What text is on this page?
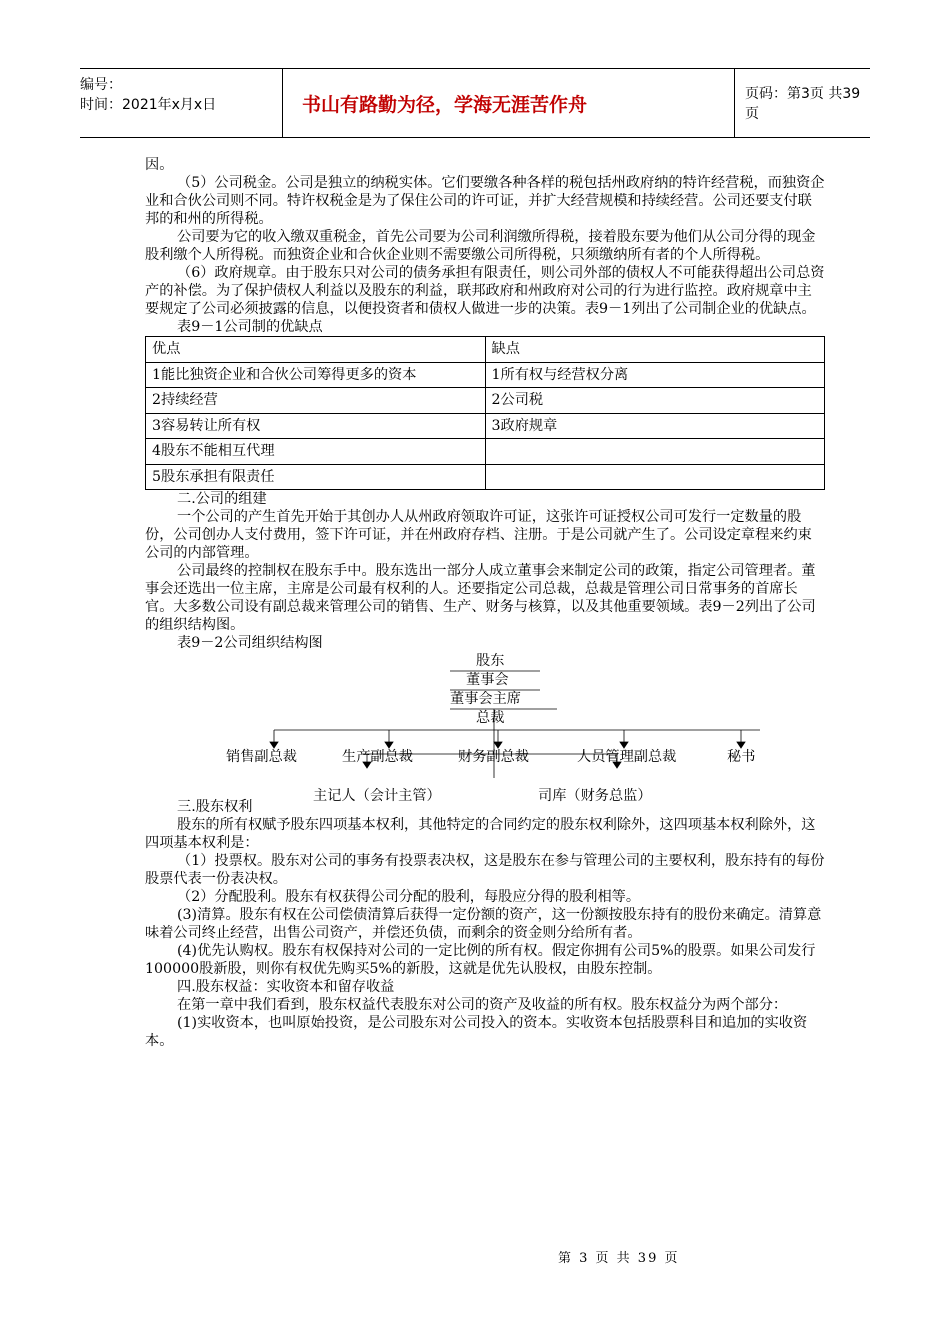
编号：
时间：2021年x月x日	书山有路勤为径，学海无涯苦作舟	页码：第3页 共39页

因。

（5）公司税金。公司是独立的纳税实体。它们要缴各种各样的税包括州政府纳的特许经营税，而独资企业和合伙公司则不同。特许权税金是为了保住公司的许可证，并扩大经营规模和持续经营。公司还要支付联邦的和州的所得税。

公司要为它的收入缴双重税金，首先公司要为公司利润缴所得税，接着股东要为他们从公司分得的现金股利缴个人所得税。而独资企业和合伙企业则不需要缴公司所得税，只须缴纳所有者的个人所得税。

（6）政府规章。由于股东只对公司的债务承担有限责任，则公司外部的债权人不可能获得超出公司总资产的补偿。为了保护债权人利益以及股东的利益，联邦政府和州政府对公司的行为进行监控。政府规章中主要规定了公司必须披露的信息，以便投资者和债权人做进一步的决策。表9－1列出了公司制企业的优缺点。

表9－1公司制的优缺点

优点	缺点
1能比独资企业和合伙公司筹得更多的资本	1所有权与经营权分离
2持续经营	2公司税
3容易转让所有权	3政府规章
4股东不能相互代理	
5股东承担有限责任	

二.公司的组建

一个公司的产生首先开始于其创办人从州政府领取许可证，这张许可证授权公司可发行一定数量的股份，公司创办人支付费用，签下许可证，并在州政府存档、注册。于是公司就产生了。公司设定章程来约束公司的内部管理。

公司最终的控制权在股东手中。股东选出一部分人成立董事会来制定公司的政策，指定公司管理者。董事会还选出一位主席，主席是公司最有权利的人。还要指定公司总裁，总裁是管理公司日常事务的首席长官。大多数公司设有副总裁来管理公司的销售、生产、财务与核算，以及其他重要领域。表9－2列出了公司的组织结构图。

表9－2公司组织结构图

股东
董事会
董事会主席
总裁
销售副总裁	生产副总裁	财务副总裁	人员管理副总裁	秘书
主记人（会计主管）	司库（财务总监）

三.股东权利

股东的所有权赋予股东四项基本权利，其他特定的合同约定的股东权利除外，这四项基本权利除外，这四项基本权利是：

（1）投票权。股东对公司的事务有投票表决权，这是股东在参与管理公司的主要权利，股东持有的每份股票代表一份表决权。

（2）分配股利。股东有权获得公司分配的股利，每股应分得的股利相等。

(3)清算。股东有权在公司偿债清算后获得一定份额的资产，这一份额按股东持有的股份来确定。清算意味着公司终止经营，出售公司资产，并偿还负债，而剩余的资金则分给所有者。

(4)优先认购权。股东有权保持对公司的一定比例的所有权。假定你拥有公司5%的股票。如果公司发行100000股新股，则你有权优先购买5%的新股，这就是优先认股权，由股东控制。

四.股东权益：实收资本和留存收益

在第一章中我们看到，股东权益代表股东对公司的资产及收益的所有权。股东权益分为两个部分：

(1)实收资本，也叫原始投资，是公司股东对公司投入的资本。实收资本包括股票科目和追加的实收资本。

第 3 页 共 39 页
